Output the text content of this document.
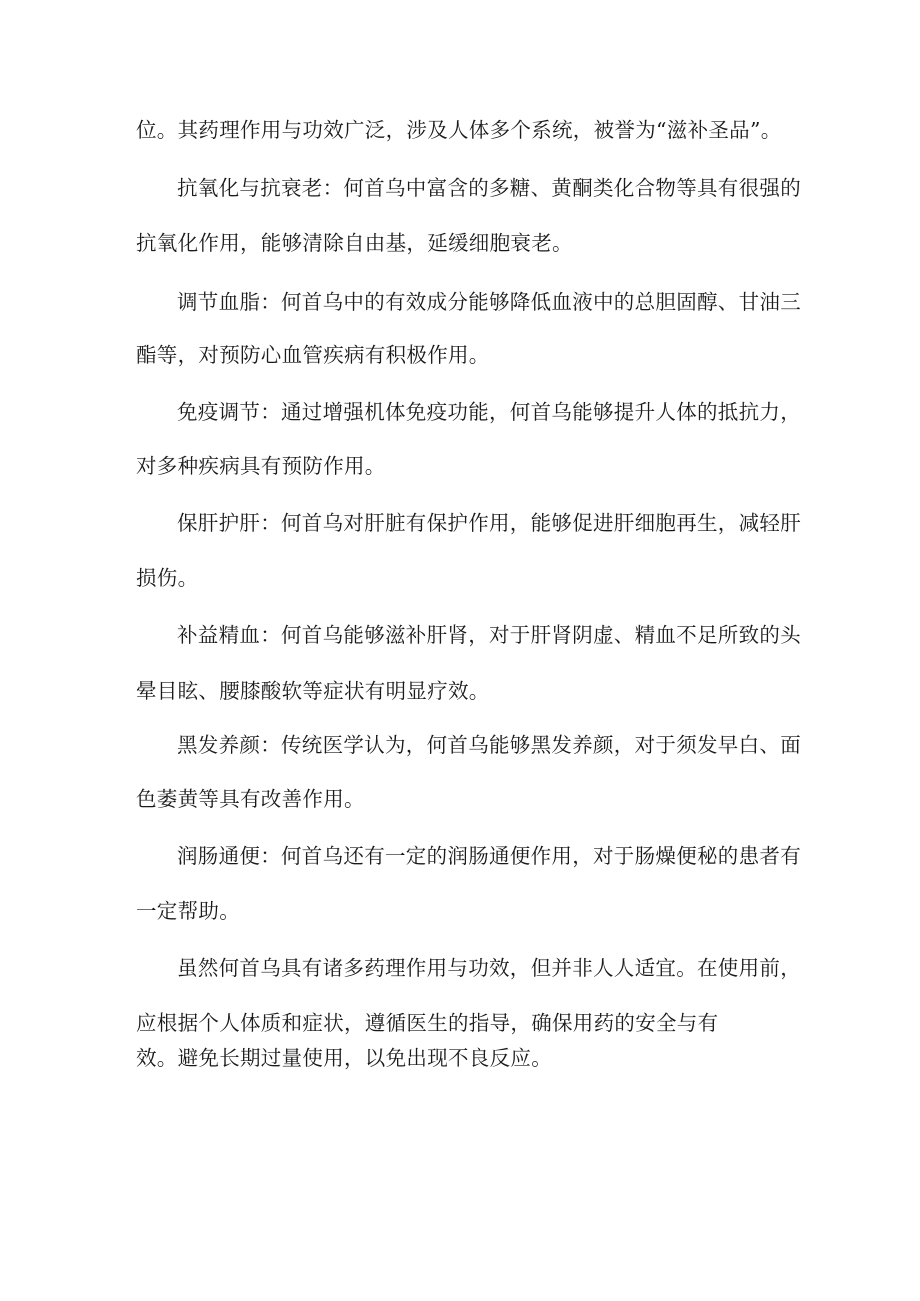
位。其药理作用与功效广泛，涉及人体多个系统，被誉为“滋补圣品”。
抗氧化与抗衰老：何首乌中富含的多糖、黄酮类化合物等具有很强的
抗氧化作用，能够清除自由基，延缓细胞衰老。
调节血脂：何首乌中的有效成分能够降低血液中的总胆固醇、甘油三
酯等，对预防心血管疾病有积极作用。
免疫调节：通过增强机体免疫功能，何首乌能够提升人体的抵抗力，
对多种疾病具有预防作用。
保肝护肝：何首乌对肝脏有保护作用，能够促进肝细胞再生，减轻肝
损伤。
补益精血：何首乌能够滋补肝肾，对于肝肾阴虚、精血不足所致的头
晕目眩、腰膝酸软等症状有明显疗效。
黑发养颜：传统医学认为，何首乌能够黑发养颜，对于须发早白、面
色萎黄等具有改善作用。
润肠通便：何首乌还有一定的润肠通便作用，对于肠燥便秘的患者有
一定帮助。
虽然何首乌具有诸多药理作用与功效，但并非人人适宜。在使用前，
应根据个人体质和症状，遵循医生的指导，确保用药的安全与有
效。避免长期过量使用，以免出现不良反应。
